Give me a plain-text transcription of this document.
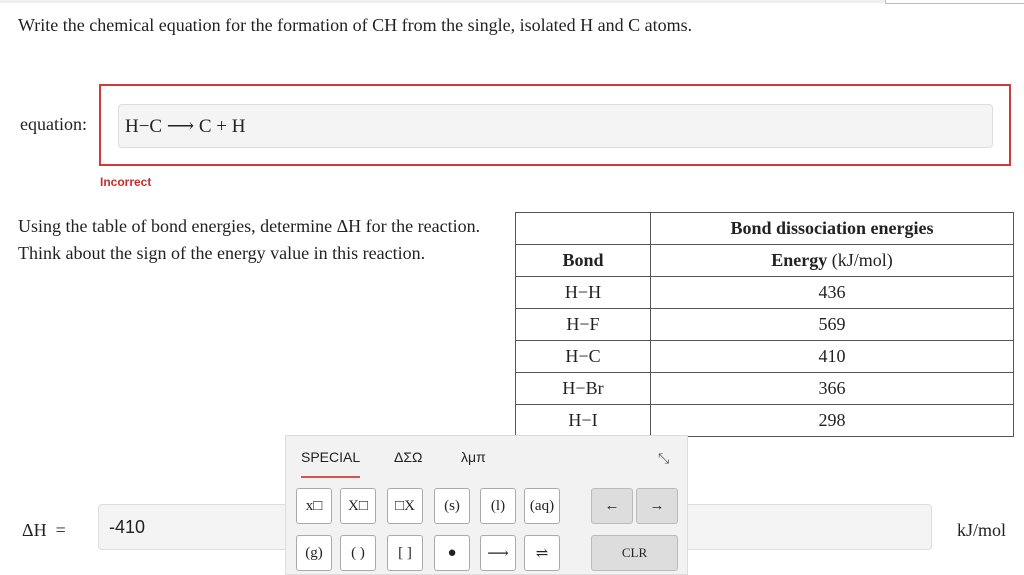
Write the chemical equation for the formation of CH from the single, isolated H and C atoms.
equation:	H−C ⟶ C + H
Incorrect
Using the table of bond energies, determine ΔH for the reaction. Think about the sign of the energy value in this reaction.
	Bond dissociation energies
Bond	Energy (kJ/mol)
H−H	436
H−F	569
H−C	410
H−Br	366
H−I	298
ΔH = -410	kJ/mol
SPECIAL ΔΣΩ	λμπ	⤡
x□	X□	□X	(s)	(l)	(aq)	←	→
(g)	( )	[ ]	●	⟶	⇌	CLR
